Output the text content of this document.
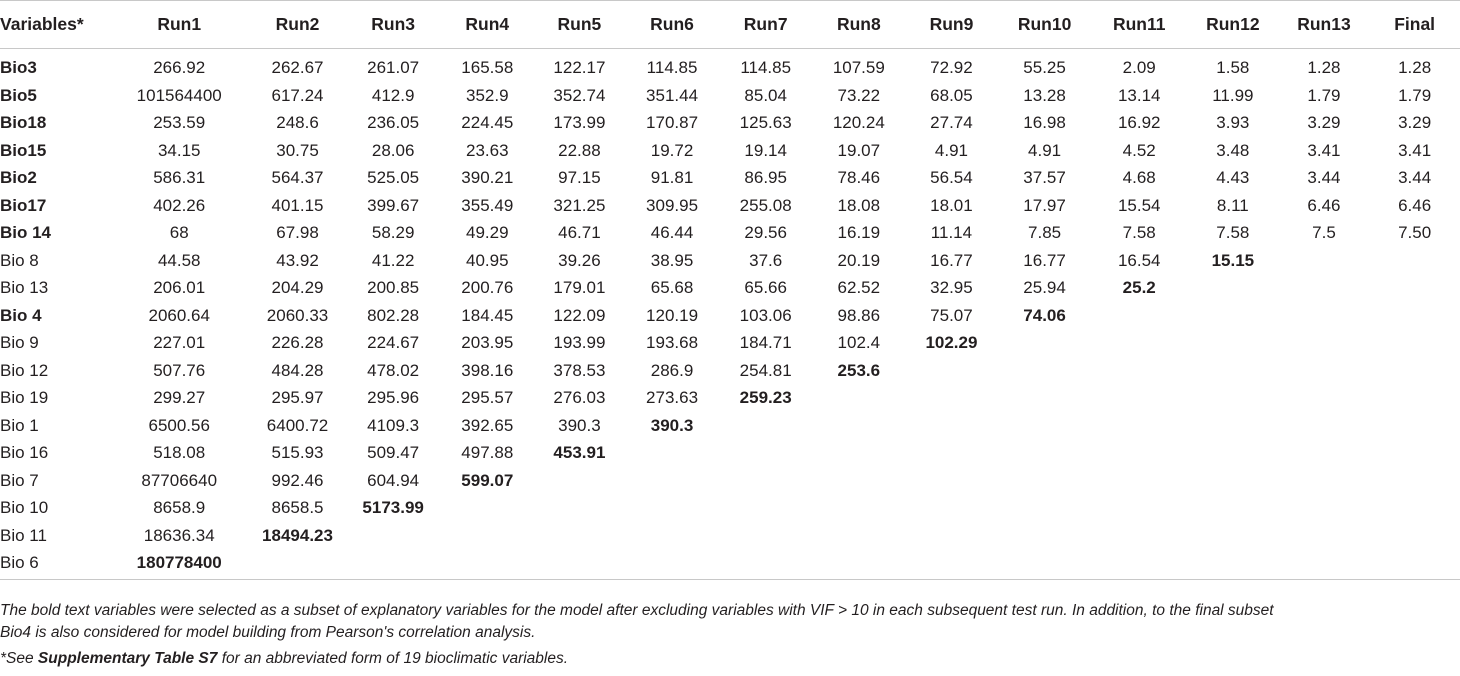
Variables*	Run1	Run2	Run3	Run4	Run5	Run6	Run7	Run8	Run9	Run10	Run11	Run12	Run13	Final
Bio3	266.92	262.67	261.07	165.58	122.17	114.85	114.85	107.59	72.92	55.25	2.09	1.58	1.28	1.28
Bio5	101564400	617.24	412.9	352.9	352.74	351.44	85.04	73.22	68.05	13.28	13.14	11.99	1.79	1.79
Bio18	253.59	248.6	236.05	224.45	173.99	170.87	125.63	120.24	27.74	16.98	16.92	3.93	3.29	3.29
Bio15	34.15	30.75	28.06	23.63	22.88	19.72	19.14	19.07	4.91	4.91	4.52	3.48	3.41	3.41
Bio2	586.31	564.37	525.05	390.21	97.15	91.81	86.95	78.46	56.54	37.57	4.68	4.43	3.44	3.44
Bio17	402.26	401.15	399.67	355.49	321.25	309.95	255.08	18.08	18.01	17.97	15.54	8.11	6.46	6.46
Bio 14	68	67.98	58.29	49.29	46.71	46.44	29.56	16.19	11.14	7.85	7.58	7.58	7.5	7.50
Bio 8	44.58	43.92	41.22	40.95	39.26	38.95	37.6	20.19	16.77	16.77	16.54	15.15		
Bio 13	206.01	204.29	200.85	200.76	179.01	65.68	65.66	62.52	32.95	25.94	25.2			
Bio 4	2060.64	2060.33	802.28	184.45	122.09	120.19	103.06	98.86	75.07	74.06				
Bio 9	227.01	226.28	224.67	203.95	193.99	193.68	184.71	102.4	102.29					
Bio 12	507.76	484.28	478.02	398.16	378.53	286.9	254.81	253.6						
Bio 19	299.27	295.97	295.96	295.57	276.03	273.63	259.23							
Bio 1	6500.56	6400.72	4109.3	392.65	390.3	390.3								
Bio 16	518.08	515.93	509.47	497.88	453.91									
Bio 7	87706640	992.46	604.94	599.07										
Bio 10	8658.9	8658.5	5173.99											
Bio 11	18636.34	18494.23												
Bio 6	180778400													
The bold text variables were selected as a subset of explanatory variables for the model after excluding variables with VIF > 10 in each subsequent test run. In addition, to the final subset
Bio4 is also considered for model building from Pearson's correlation analysis.
*See Supplementary Table S7 for an abbreviated form of 19 bioclimatic variables.
